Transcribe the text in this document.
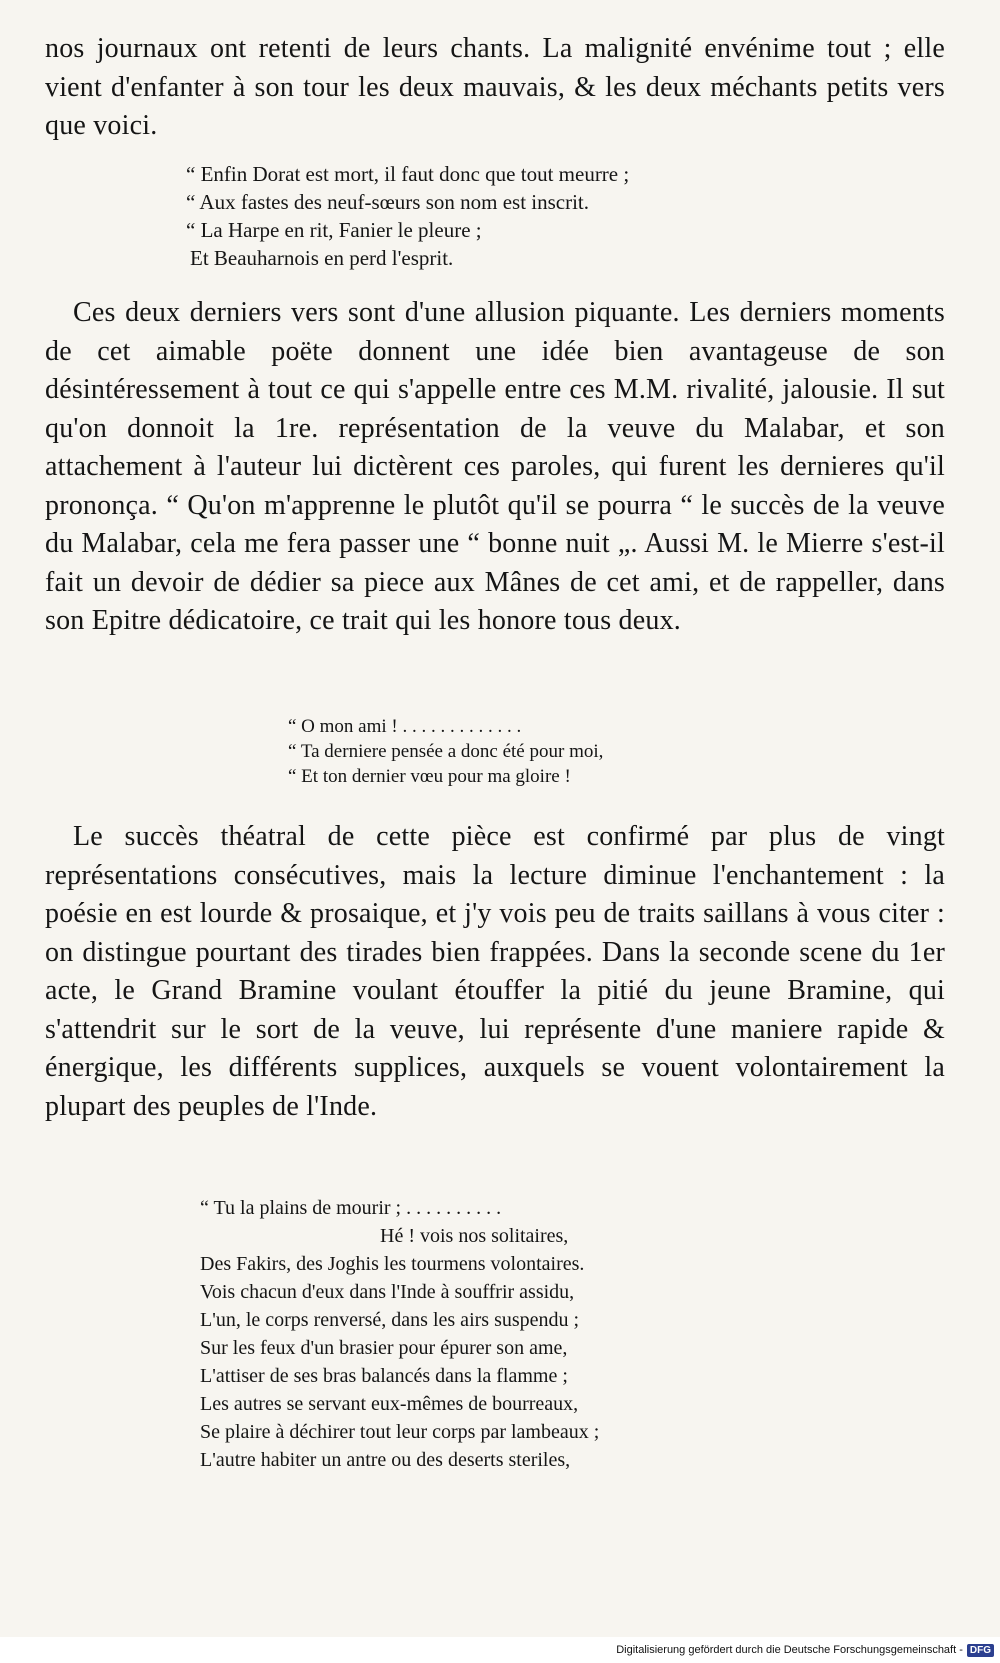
nos journaux ont retenti de leurs chants. La malignité envénime tout ; elle vient d'enfanter à son tour les deux mauvais, & les deux méchants petits vers que voici.

“ Enfin Dorat est mort, il faut donc que tout meurre ;
“ Aux fastes des neuf-sœurs son nom est inscrit.
“ La Harpe en rit, Fanier le pleure ;
Et Beauharnois en perd l'esprit.

Ces deux derniers vers sont d'une allusion piquante. Les derniers moments de cet aimable poëte donnent une idée bien avantageuse de son désintéressement à tout ce qui s'appelle entre ces M.M. rivalité, jalousie. Il sut qu'on donnoit la 1re. représentation de la veuve du Malabar, et son attachement à l'auteur lui dictèrent ces paroles, qui furent les dernieres qu'il prononça. “ Qu'on m'apprenne le plutôt qu'il se pourra “ le succès de la veuve du Malabar, cela me fera passer une “ bonne nuit „. Aussi M. le Mierre s'est-il fait un devoir de dédier sa piece aux Mânes de cet ami, et de rappeller, dans son Epitre dédicatoire, ce trait qui les honore tous deux.

“ O mon ami ! . . . . . . . . . . . . .
“ Ta derniere pensée a donc été pour moi,
“ Et ton dernier vœu pour ma gloire !

Le succès théatral de cette pièce est confirmé par plus de vingt représentations consécutives, mais la lecture diminue l'enchantement : la poésie en est lourde & prosaique, et j'y vois peu de traits saillans à vous citer : on distingue pourtant des tirades bien frappées. Dans la seconde scene du 1er acte, le Grand Bramine voulant étouffer la pitié du jeune Bramine, qui s'attendrit sur le sort de la veuve, lui représente d'une maniere rapide & énergique, les différents supplices, auxquels se vouent volontairement la plupart des peuples de l'Inde.

“ Tu la plains de mourir ; . . . . . . . . . .
Hé ! vois nos solitaires,
Des Fakirs, des Joghis les tourmens volontaires.
Vois chacun d'eux dans l'Inde à souffrir assidu,
L'un, le corps renversé, dans les airs suspendu ;
Sur les feux d'un brasier pour épurer son ame,
L'attiser de ses bras balancés dans la flamme ;
Les autres se servant eux-mêmes de bourreaux,
Se plaire à déchirer tout leur corps par lambeaux ;
L'autre habiter un antre ou des deserts steriles,
Digitalisierung gefördert durch die Deutsche Forschungsgemeinschaft - DFG
